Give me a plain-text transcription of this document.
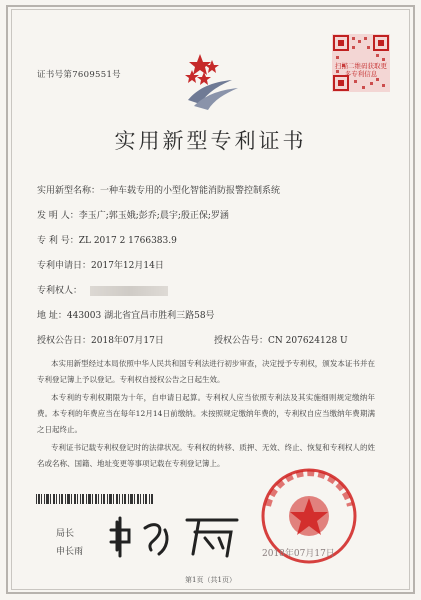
证书号第7609551号
扫描二维码获取更多专利信息
实用新型专利证书
实用新型名称：一种车载专用的小型化智能消防报警控制系统
发 明 人：李玉广;郭玉娥;彭乔;晨宇;殷正保;罗涵
专 利 号：ZL 2017 2 1766383.9
专利申请日：2017年12月14日
专利权人：
地 址：443003 湖北省宜昌市胜利三路58号
授权公告日：2018年07月17日	授权公告号：CN 207624128 U
本实用新型经过本局依照中华人民共和国专利法进行初步审查，决定授予专利权，颁发本证书并在专利登记簿上予以登记。专利权自授权公告之日起生效。
本专利的专利权期限为十年，自申请日起算。专利权人应当依照专利法及其实施细则规定缴纳年费。本专利的年费应当在每年12月14日前缴纳。未按照规定缴纳年费的，专利权自应当缴纳年费期满之日起终止。
专利证书记载专利权登记时的法律状况。专利权的转移、质押、无效、终止、恢复和专利权人的姓名或名称、国籍、地址变更等事项记载在专利登记簿上。
局长
申长雨	2018年07月17日
第1页（共1页）
